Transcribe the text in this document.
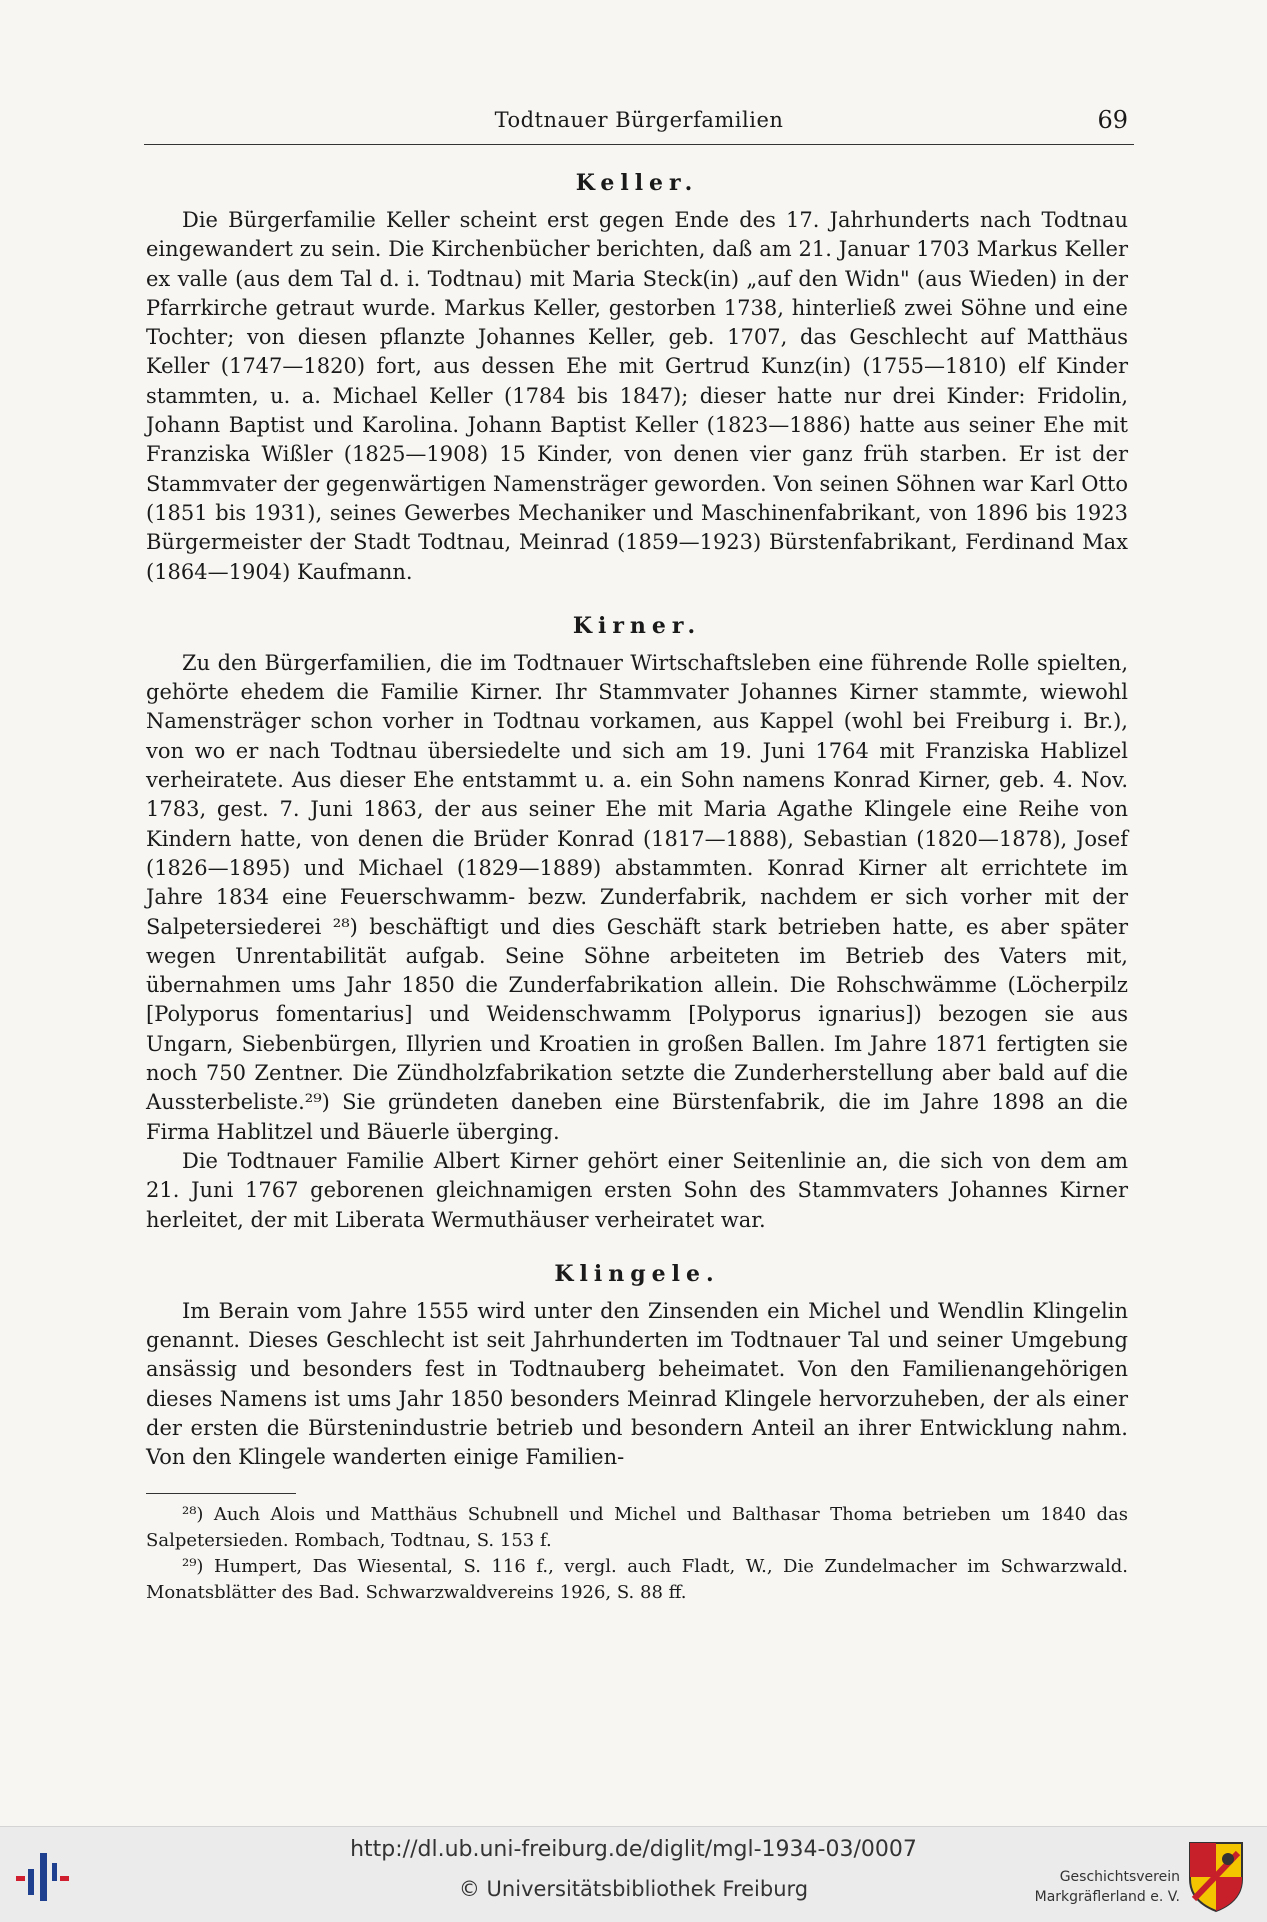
Todtnauer Bürgerfamilien	69
Keller.

Die Bürgerfamilie Keller scheint erst gegen Ende des 17. Jahrhunderts nach Todtnau eingewandert zu sein. Die Kirchenbücher berichten, daß am 21. Januar 1703 Markus Keller ex valle (aus dem Tal d. i. Todtnau) mit Maria Steck(in) „auf den Widn" (aus Wieden) in der Pfarrkirche getraut wurde. Markus Keller, gestorben 1738, hinterließ zwei Söhne und eine Tochter; von diesen pflanzte Johannes Keller, geb. 1707, das Geschlecht auf Matthäus Keller (1747—1820) fort, aus dessen Ehe mit Gertrud Kunz(in) (1755—1810) elf Kinder stammten, u. a. Michael Keller (1784 bis 1847); dieser hatte nur drei Kinder: Fridolin, Johann Baptist und Karolina. Johann Baptist Keller (1823—1886) hatte aus seiner Ehe mit Franziska Wißler (1825—1908) 15 Kinder, von denen vier ganz früh starben. Er ist der Stammvater der gegenwärtigen Namensträger geworden. Von seinen Söhnen war Karl Otto (1851 bis 1931), seines Gewerbes Mechaniker und Maschinenfabrikant, von 1896 bis 1923 Bürgermeister der Stadt Todtnau, Meinrad (1859—1923) Bürstenfabrikant, Ferdinand Max (1864—1904) Kaufmann.

Kirner.

Zu den Bürgerfamilien, die im Todtnauer Wirtschaftsleben eine führende Rolle spielten, gehörte ehedem die Familie Kirner. Ihr Stammvater Johannes Kirner stammte, wiewohl Namensträger schon vorher in Todtnau vorkamen, aus Kappel (wohl bei Freiburg i. Br.), von wo er nach Todtnau übersiedelte und sich am 19. Juni 1764 mit Franziska Hablizel verheiratete. Aus dieser Ehe entstammt u. a. ein Sohn namens Konrad Kirner, geb. 4. Nov. 1783, gest. 7. Juni 1863, der aus seiner Ehe mit Maria Agathe Klingele eine Reihe von Kindern hatte, von denen die Brüder Konrad (1817—1888), Sebastian (1820—1878), Josef (1826—1895) und Michael (1829—1889) abstammten. Konrad Kirner alt errichtete im Jahre 1834 eine Feuerschwamm- bezw. Zunderfabrik, nachdem er sich vorher mit der Salpetersiederei ²⁸) beschäftigt und dies Geschäft stark betrieben hatte, es aber später wegen Unrentabilität aufgab. Seine Söhne arbeiteten im Betrieb des Vaters mit, übernahmen ums Jahr 1850 die Zunderfabrikation allein. Die Rohschwämme (Löcherpilz [Polyporus fomentarius] und Weidenschwamm [Polyporus ignarius]) bezogen sie aus Ungarn, Siebenbürgen, Illyrien und Kroatien in großen Ballen. Im Jahre 1871 fertigten sie noch 750 Zentner. Die Zündholzfabrikation setzte die Zunderherstellung aber bald auf die Aussterbeliste.²⁹) Sie gründeten daneben eine Bürstenfabrik, die im Jahre 1898 an die Firma Hablitzel und Bäuerle überging.

Die Todtnauer Familie Albert Kirner gehört einer Seitenlinie an, die sich von dem am 21. Juni 1767 geborenen gleichnamigen ersten Sohn des Stammvaters Johannes Kirner herleitet, der mit Liberata Wermuthäuser verheiratet war.

Klingele.

Im Berain vom Jahre 1555 wird unter den Zinsenden ein Michel und Wendlin Klingelin genannt. Dieses Geschlecht ist seit Jahrhunderten im Todtnauer Tal und seiner Umgebung ansässig und besonders fest in Todtnauberg beheimatet. Von den Familienangehörigen dieses Namens ist ums Jahr 1850 besonders Meinrad Klingele hervorzuheben, der als einer der ersten die Bürstenindustrie betrieb und besondern Anteil an ihrer Entwicklung nahm. Von den Klingele wanderten einige Familien-

²⁸) Auch Alois und Matthäus Schubnell und Michel und Balthasar Thoma betrieben um 1840 das Salpetersieden. Rombach, Todtnau, S. 153 f.

²⁹) Humpert, Das Wiesental, S. 116 f., vergl. auch Fladt, W., Die Zundelmacher im Schwarzwald. Monatsblätter des Bad. Schwarzwaldvereins 1926, S. 88 ff.

http://dl.ub.uni-freiburg.de/diglit/mgl-1934-03/0007
© Universitätsbibliothek Freiburg	Geschichtsverein
Markgräflerland e. V.
